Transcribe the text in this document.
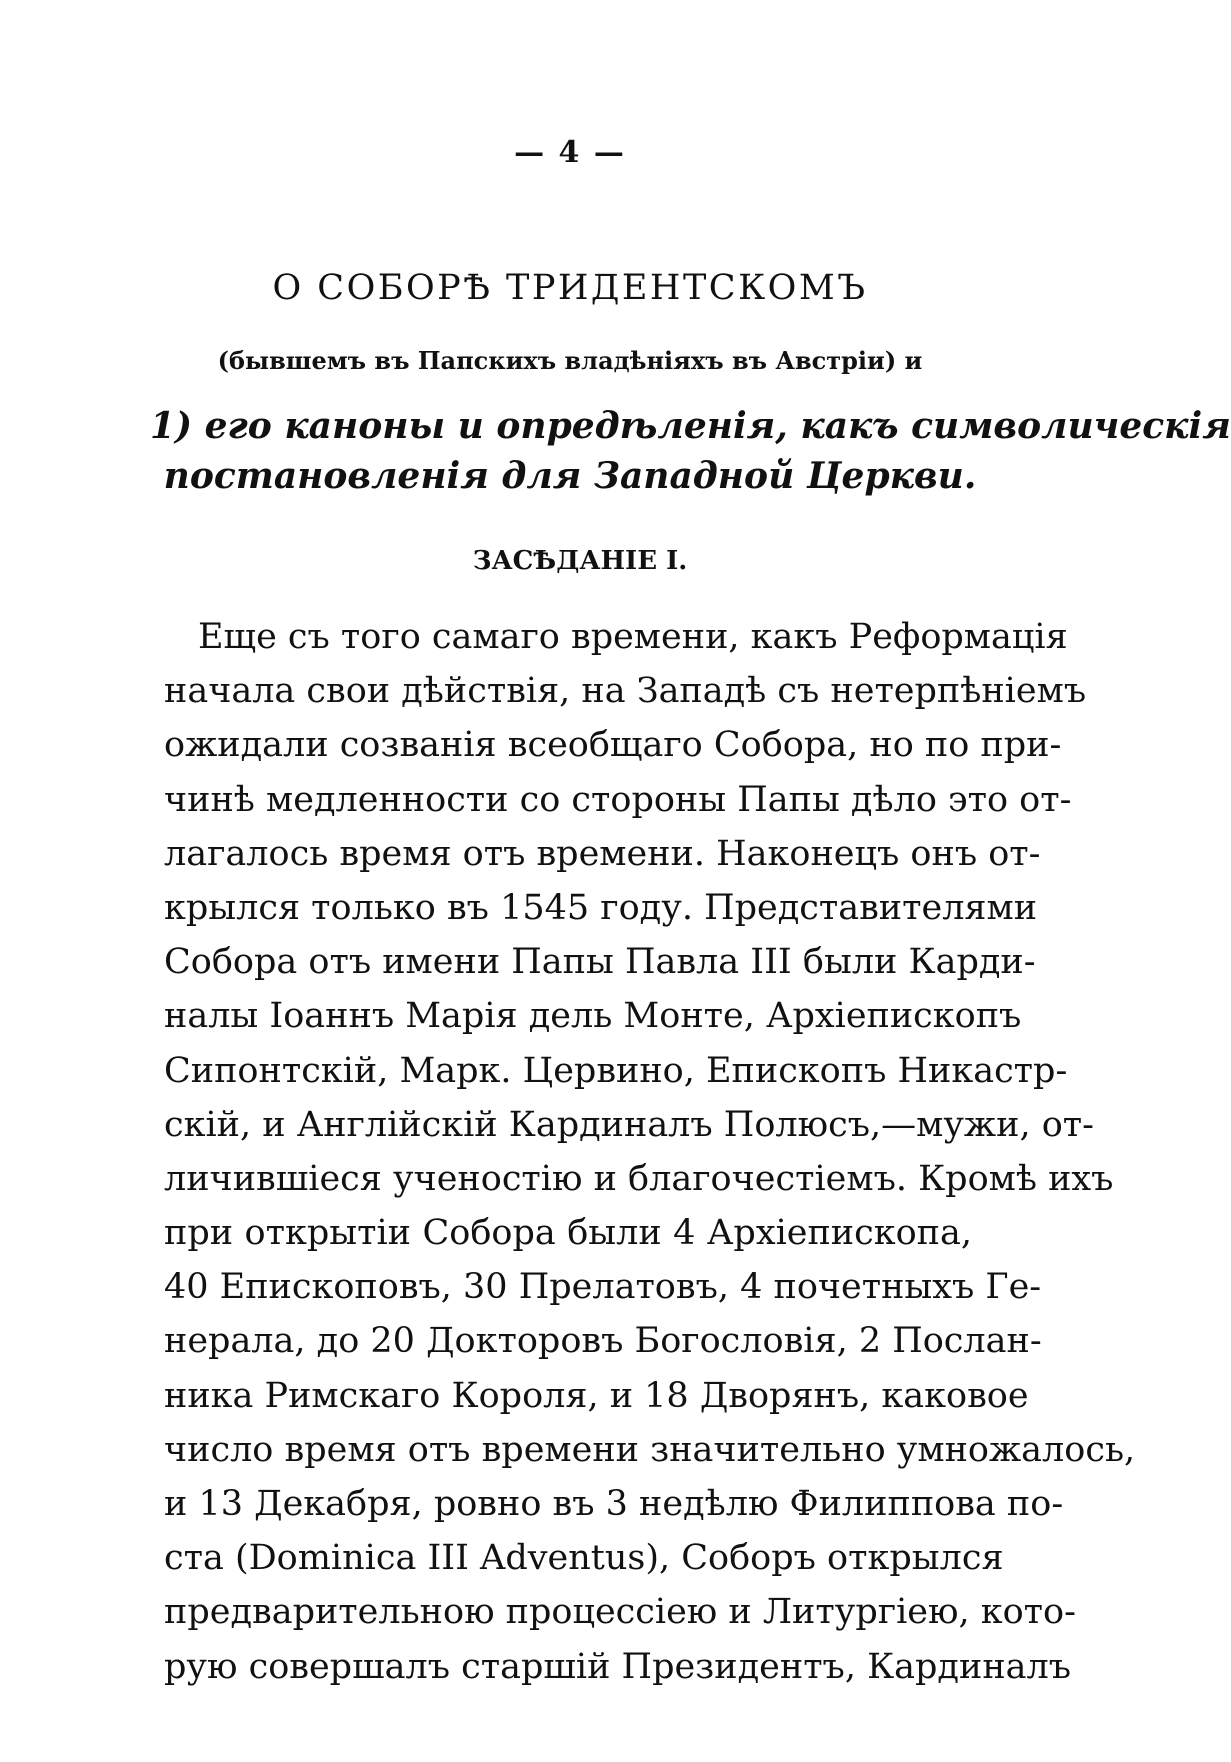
— 4 —
О СОБОРѢ ТРИДЕНТСКОМЪ
(бывшемъ въ Папскихъ владѣніяхъ въ Австріи) и
1) его каноны и опредѣленія, какъ символическія
постановленія для Западной Церкви.
ЗАСѢДАНІЕ I.
Еще съ того самаго времени, какъ Реформація
начала свои дѣйствія, на Западѣ съ нетерпѣніемъ
ожидали созванія всеобщаго Собора, но по при-
чинѣ медленности со стороны Папы дѣло это от-
лагалось время отъ времени. Наконецъ онъ от-
крылся только въ 1545 году. Представителями
Собора отъ имени Папы Павла III были Карди-
налы Іоаннъ Марія дель Монте, Архіепископъ
Сипонтскій, Марк. Цервино, Епископъ Никастр-
скій, и Англійскій Кардиналъ Полюсъ,—мужи, от-
личившіеся ученостію и благочестіемъ. Кромѣ ихъ
при открытіи Собора были 4 Архіепископа,
40 Епископовъ, 30 Прелатовъ, 4 почетныхъ Ге-
нерала, до 20 Докторовъ Богословія, 2 Послан-
ника Римскаго Короля, и 18 Дворянъ, каковое
число время отъ времени значительно умножалось,
и 13 Декабря, ровно въ 3 недѣлю Филиппова по-
ста (Dominica III Adventus), Соборъ открылся
предварительною процессіею и Литургіею, кото-
рую совершалъ старшій Президентъ, Кардиналъ
